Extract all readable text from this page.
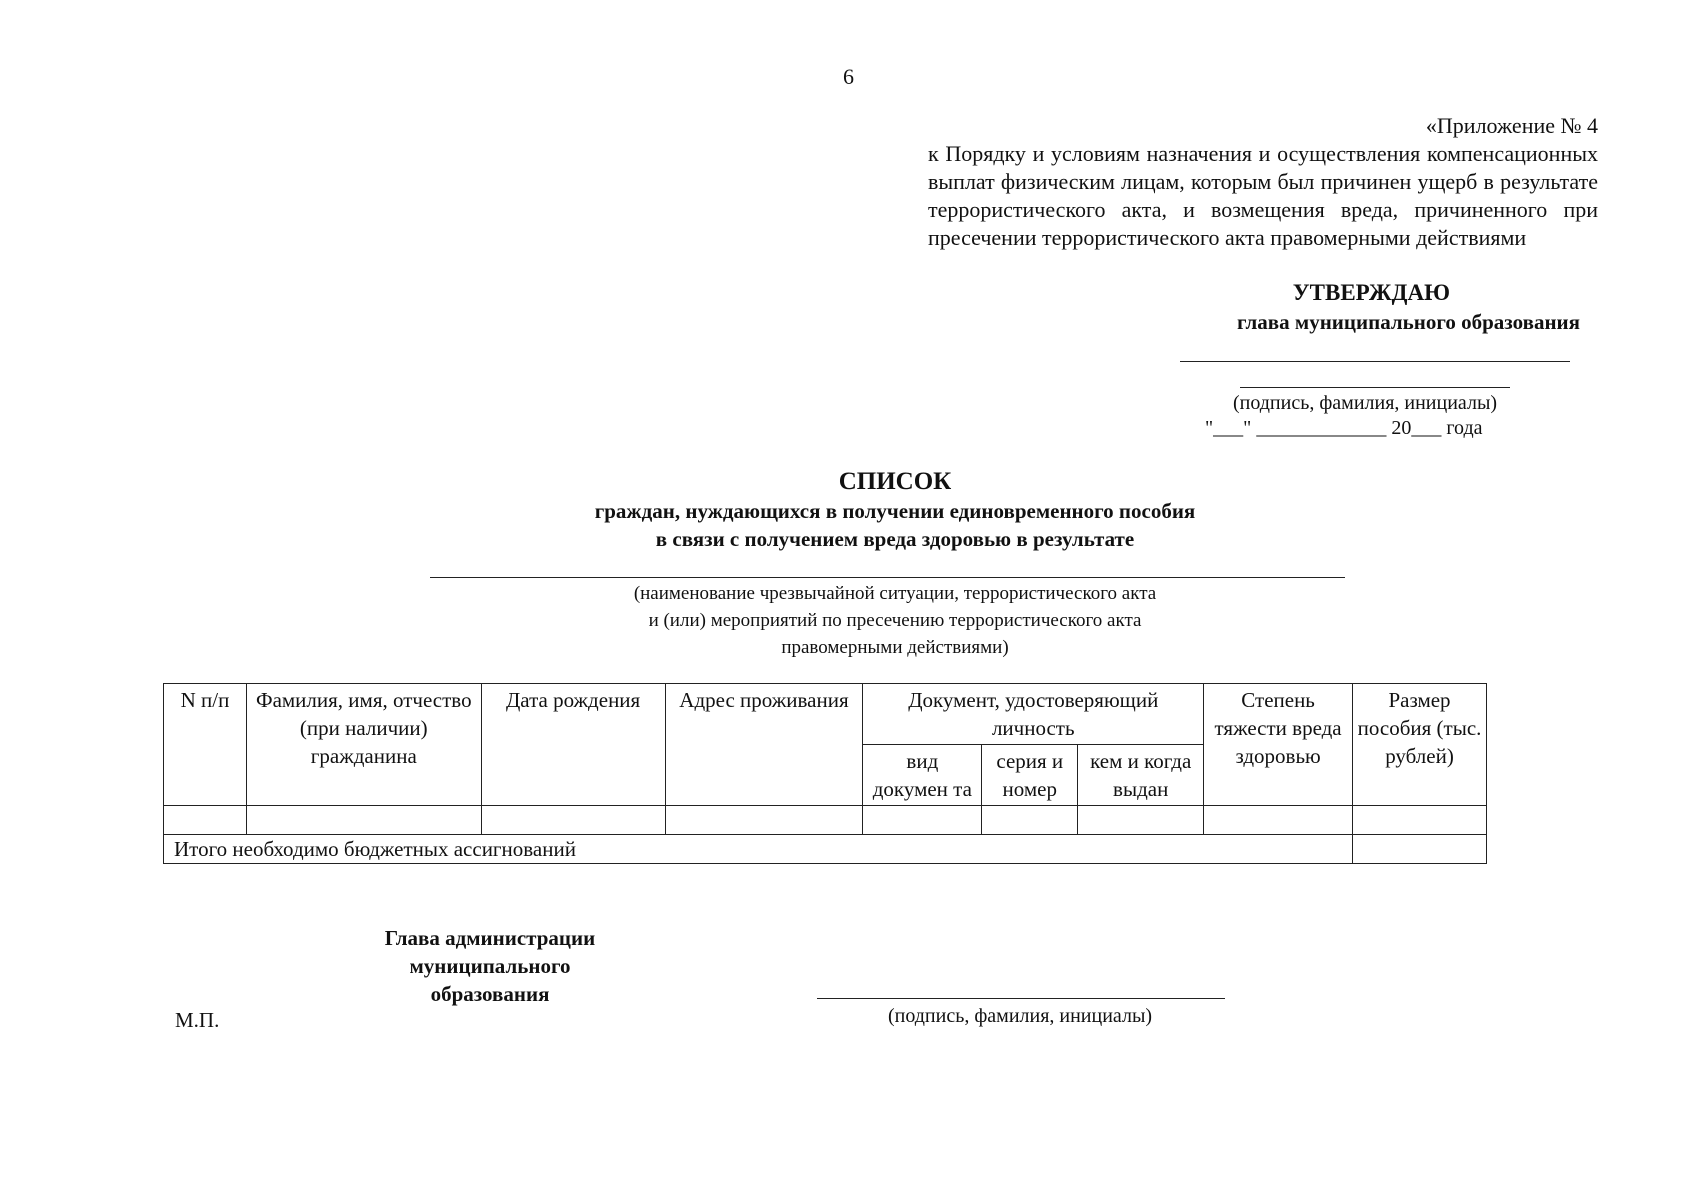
6
«Приложение № 4
к Порядку и условиям назначения и осуществления компенсационных выплат физическим лицам, которым был причинен ущерб в результате террористического акта, и возмещения вреда, причиненного при пресечении террористического акта правомерными действиями
УТВЕРЖДАЮ
глава муниципального образования
(подпись, фамилия, инициалы)
"___" _____________ 20___ года
СПИСОК
граждан, нуждающихся в получении единовременного пособия
в связи с получением вреда здоровью в результате
(наименование чрезвычайной ситуации, террористического акта
и (или) мероприятий по пресечению террористического акта
правомерными действиями)
N п/п	Фамилия, имя, отчество (при наличии) гражданина	Дата рождения	Адрес проживания	Документ, удостоверяющий личность			Степень тяжести вреда здоровью	Размер пособия (тыс. рублей)
				вид докумен та	серия и номер	кем и когда выдан		

Итого необходимо бюджетных ассигнований								
Глава администрации
муниципального
образования
М.П.	(подпись, фамилия, инициалы)
